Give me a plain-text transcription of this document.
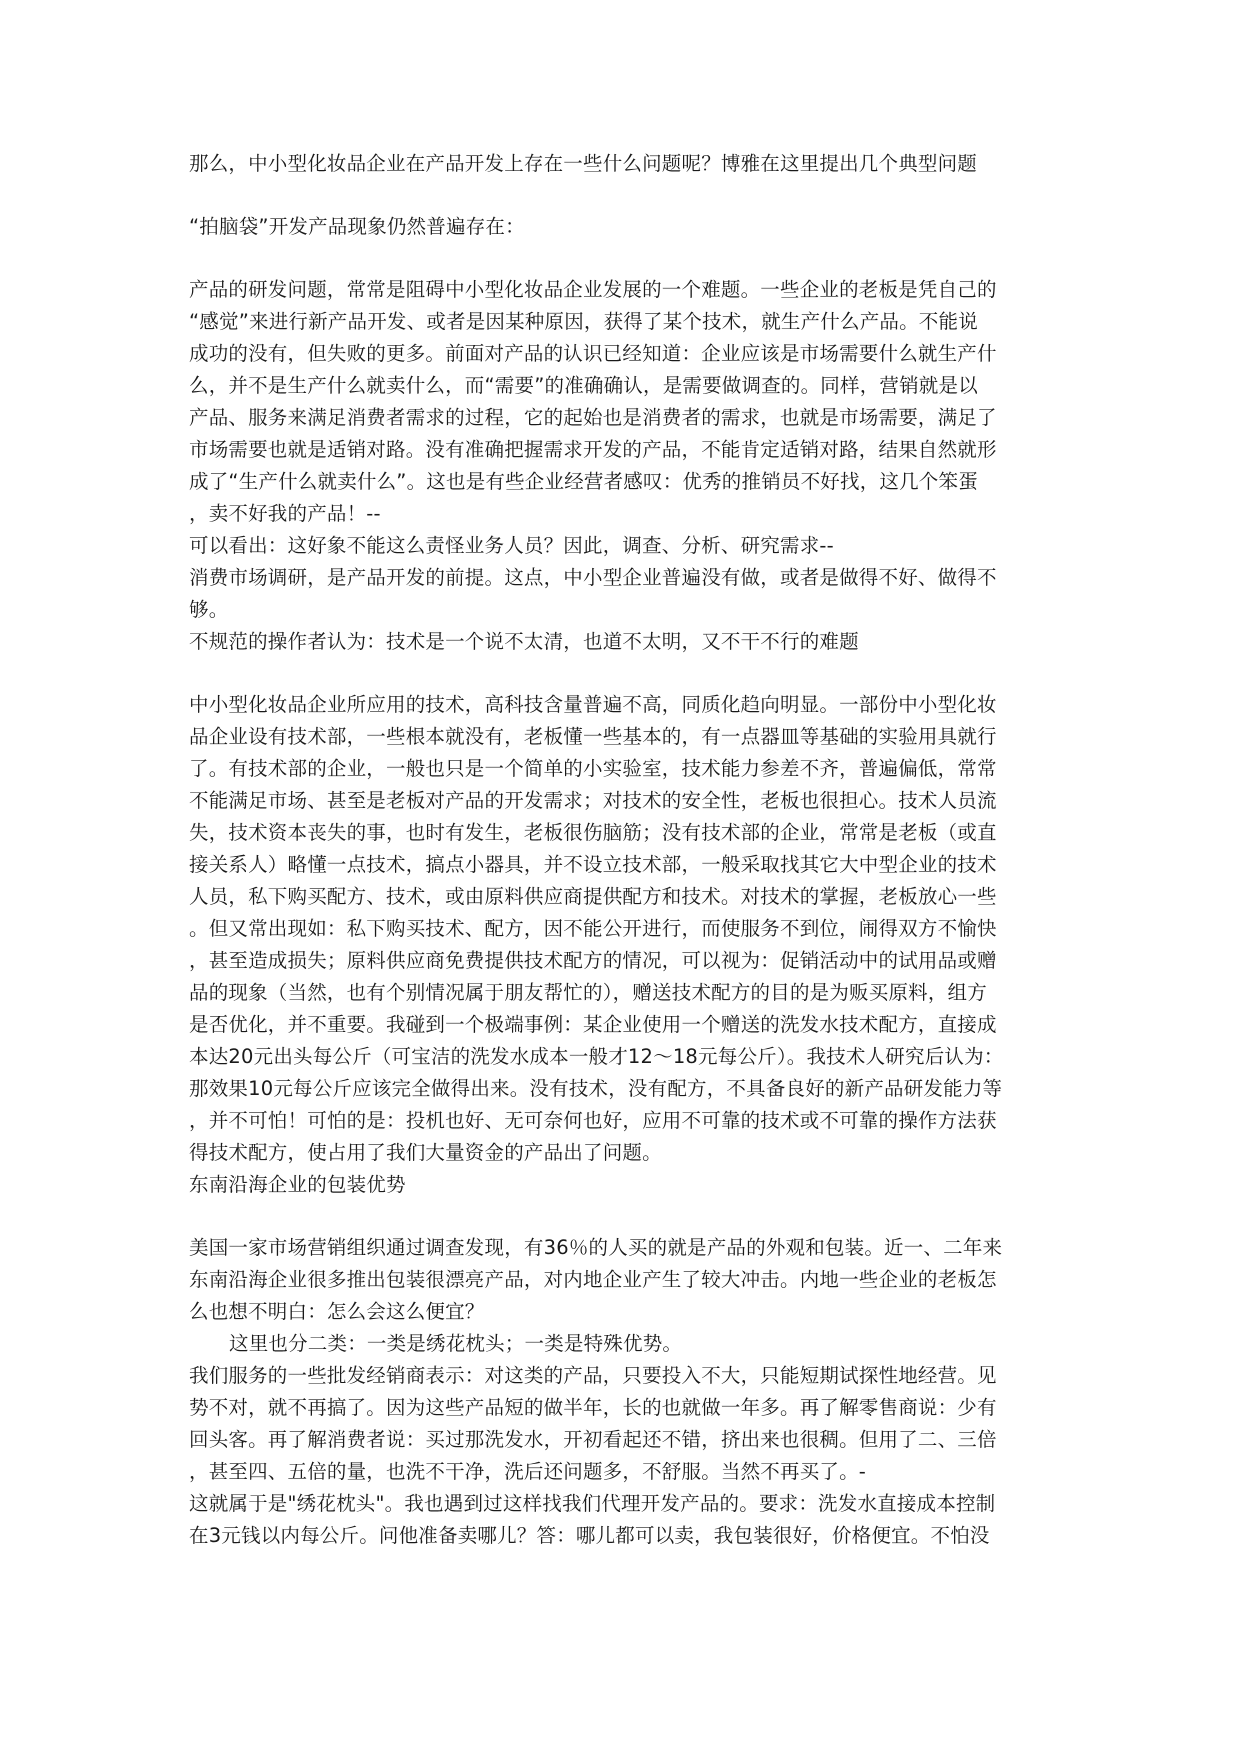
那么，中小型化妆品企业在产品开发上存在一些什么问题呢？博雅在这里提出几个典型问题
“拍脑袋”开发产品现象仍然普遍存在：
产品的研发问题，常常是阻碍中小型化妆品企业发展的一个难题。一些企业的老板是凭自己的
“感觉”来进行新产品开发、或者是因某种原因，获得了某个技术，就生产什么产品。不能说
成功的没有，但失败的更多。前面对产品的认识已经知道：企业应该是市场需要什么就生产什
么，并不是生产什么就卖什么，而“需要”的准确确认，是需要做调查的。同样，营销就是以
产品、服务来满足消费者需求的过程，它的起始也是消费者的需求，也就是市场需要，满足了
市场需要也就是适销对路。没有准确把握需求开发的产品，不能肯定适销对路，结果自然就形
成了“生产什么就卖什么”。这也是有些企业经营者感叹：优秀的推销员不好找，这几个笨蛋
，卖不好我的产品！--
可以看出：这好象不能这么责怪业务人员？因此，调查、分析、研究需求--
消费市场调研，是产品开发的前提。这点，中小型企业普遍没有做，或者是做得不好、做得不
够。
不规范的操作者认为：技术是一个说不太清，也道不太明，又不干不行的难题
中小型化妆品企业所应用的技术，高科技含量普遍不高，同质化趋向明显。一部份中小型化妆
品企业设有技术部，一些根本就没有，老板懂一些基本的，有一点器皿等基础的实验用具就行
了。有技术部的企业，一般也只是一个简单的小实验室，技术能力参差不齐，普遍偏低，常常
不能满足市场、甚至是老板对产品的开发需求；对技术的安全性，老板也很担心。技术人员流
失，技术资本丧失的事，也时有发生，老板很伤脑筋；没有技术部的企业，常常是老板（或直
接关系人）略懂一点技术，搞点小器具，并不设立技术部，一般采取找其它大中型企业的技术
人员，私下购买配方、技术，或由原料供应商提供配方和技术。对技术的掌握，老板放心一些
。但又常出现如：私下购买技术、配方，因不能公开进行，而使服务不到位，闹得双方不愉快
，甚至造成损失；原料供应商免费提供技术配方的情况，可以视为：促销活动中的试用品或赠
品的现象（当然，也有个别情况属于朋友帮忙的），赠送技术配方的目的是为贩买原料，组方
是否优化，并不重要。我碰到一个极端事例：某企业使用一个赠送的洗发水技术配方，直接成
本达20元出头每公斤（可宝洁的洗发水成本一般才12～18元每公斤）。我技术人研究后认为：
那效果10元每公斤应该完全做得出来。没有技术，没有配方，不具备良好的新产品研发能力等
，并不可怕！可怕的是：投机也好、无可奈何也好，应用不可靠的技术或不可靠的操作方法获
得技术配方，使占用了我们大量资金的产品出了问题。
东南沿海企业的包装优势
美国一家市场营销组织通过调查发现，有36％的人买的就是产品的外观和包装。近一、二年来
东南沿海企业很多推出包装很漂亮产品，对内地企业产生了较大冲击。内地一些企业的老板怎
么也想不明白：怎么会这么便宜？
这里也分二类：一类是绣花枕头；一类是特殊优势。
我们服务的一些批发经销商表示：对这类的产品，只要投入不大，只能短期试探性地经营。见
势不对，就不再搞了。因为这些产品短的做半年，长的也就做一年多。再了解零售商说：少有
回头客。再了解消费者说：买过那洗发水，开初看起还不错，挤出来也很稠。但用了二、三倍
，甚至四、五倍的量，也洗不干净，洗后还问题多，不舒服。当然不再买了。-
这就属于是"绣花枕头"。我也遇到过这样找我们代理开发产品的。要求：洗发水直接成本控制
在3元钱以内每公斤。问他准备卖哪儿？答：哪儿都可以卖，我包装很好，价格便宜。不怕没
